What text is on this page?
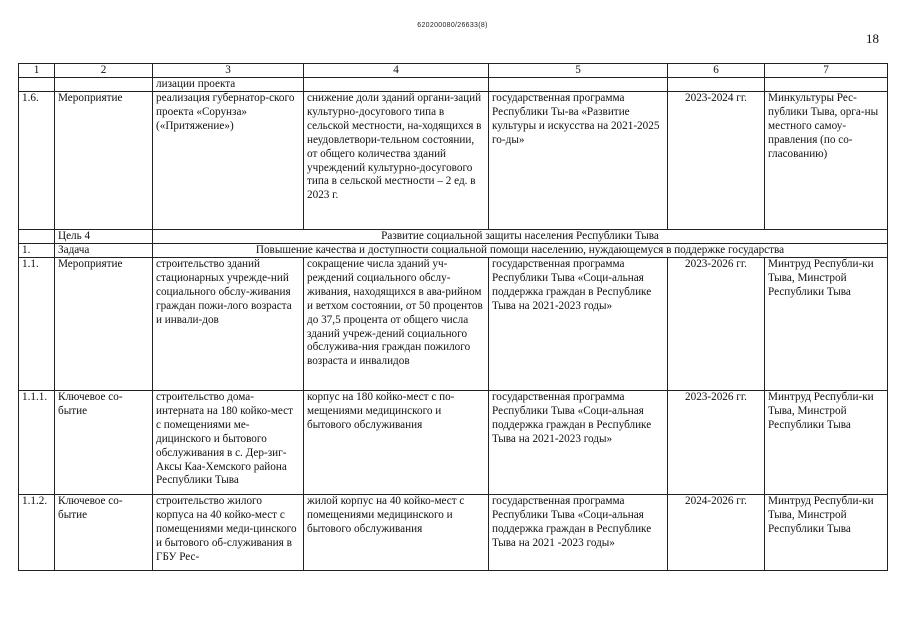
620200080/26633(8)
18
1	2	3	4	5	6	7
		лизации проекта				
1.6.	Мероприятие	реализация губернатор-ского проекта «Сорунза» («Притяжение»)	снижение доли зданий органи-заций культурно-досугового типа в сельской местности, на-ходящихся в неудовлетвори-тельном состоянии, от общего количества зданий учреждений культурно-досугового типа в сельской местности – 2 ед. в 2023 г.	государственная программа Республики Ты-ва «Развитие культуры и искусства на 2021-2025 го-ды»	2023-2024 гг.	Минкультуры Рес-публики Тыва, орга-ны местного самоу-правления (по со-гласованию)
	Цель 4	Развитие социальной защиты населения Республики Тыва				
1.	Задача	Повышение качества и доступности социальной помощи населению, нуждающемуся в поддержке государства				
1.1.	Мероприятие	строительство зданий стационарных учрежде-ний социального обслу-живания граждан пожи-лого возраста и инвали-дов	сокращение числа зданий уч-реждений социального обслу-живания, находящихся в ава-рийном и ветхом состоянии, от 50 процентов до 37,5 процента от общего числа зданий учреж-дений социального обслужива-ния граждан пожилого возраста и инвалидов	государственная программа Республики Тыва «Соци-альная поддержка граждан в Республике Тыва на 2021-2023 годы»	2023-2026 гг.	Минтруд Республи-ки Тыва, Минстрой Республики Тыва
1.1.1.	Ключевое со-бытие	строительство дома-интерната на 180 койко-мест с помещениями ме-дицинского и бытового обслуживания в с. Дер-зиг-Аксы Каа-Хемского района Республики Тыва	корпус на 180 койко-мест с по-мещениями медицинского и бытового обслуживания	государственная программа Республики Тыва «Соци-альная поддержка граждан в Республике Тыва на 2021-2023 годы»	2023-2026 гг.	Минтруд Республи-ки Тыва, Минстрой Республики Тыва
1.1.2.	Ключевое со-бытие	строительство жилого корпуса на 40 койко-мест с помещениями меди-цинского и бытового об-служивания в ГБУ Рес-	жилой корпус на 40 койко-мест с помещениями медицинского и бытового обслуживания	государственная программа Республики Тыва «Соци-альная поддержка граждан в Республике Тыва на 2021 -2023 годы»	2024-2026 гг.	Минтруд Республи-ки Тыва, Минстрой Республики Тыва
